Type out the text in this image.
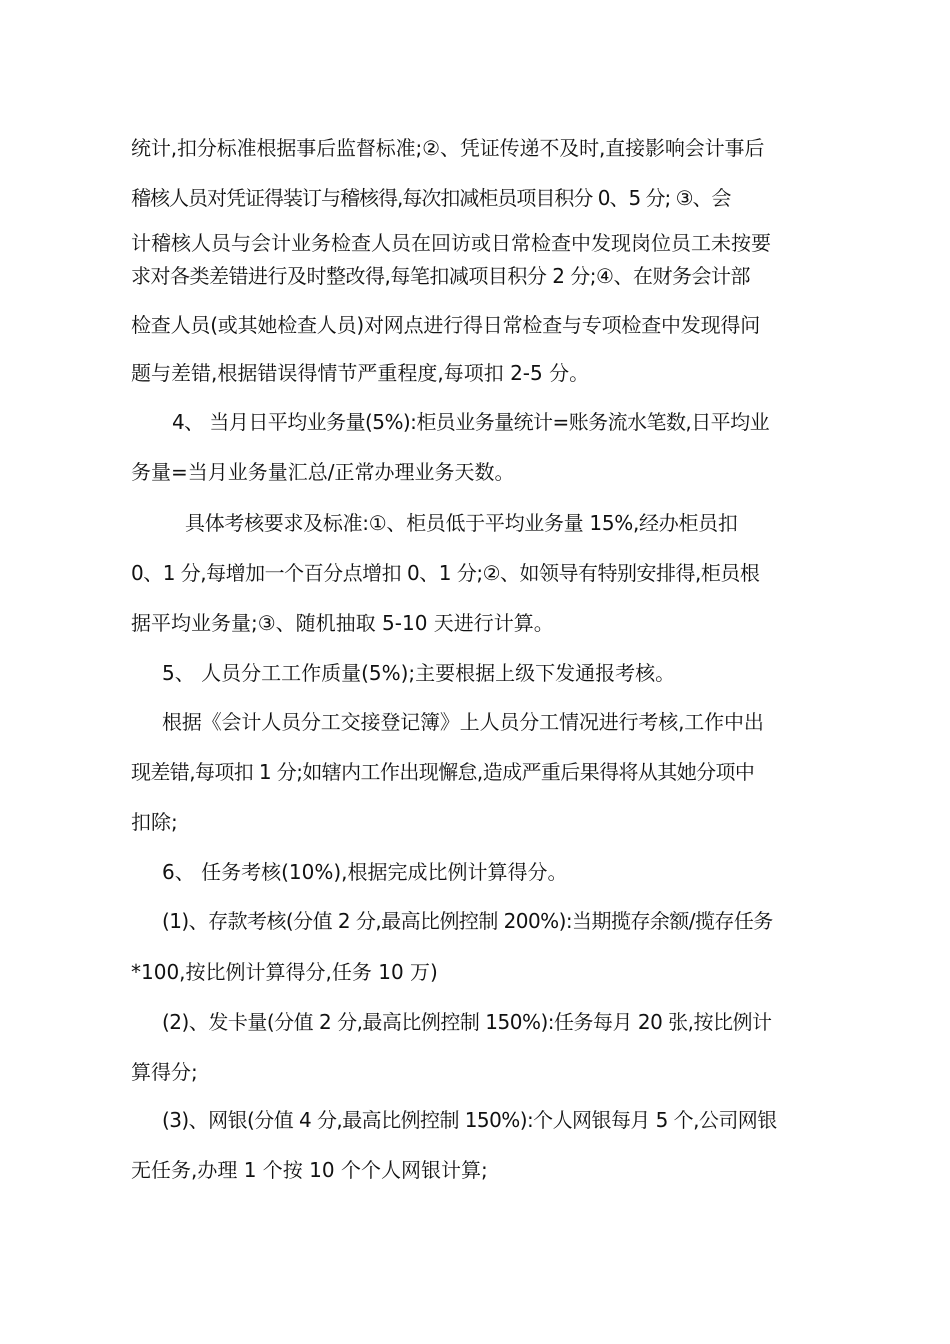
统计,扣分标准根据事后监督标准;②、凭证传递不及时,直接影响会计事后
稽核人员对凭证得装订与稽核得,每次扣减柜员项目积分 0、5 分; ③、会
计稽核人员与会计业务检查人员在回访或日常检查中发现岗位员工未按要
求对各类差错进行及时整改得,每笔扣减项目积分 2 分;④、在财务会计部
检查人员(或其她检查人员)对网点进行得日常检查与专项检查中发现得问
题与差错,根据错误得情节严重程度,每项扣 2-5 分。
4、 当月日平均业务量(5%):柜员业务量统计=账务流水笔数,日平均业
务量=当月业务量汇总/正常办理业务天数。
具体考核要求及标准:①、柜员低于平均业务量 15%,经办柜员扣
0、1 分,每增加一个百分点增扣 0、1 分;②、如领导有特别安排得,柜员根
据平均业务量;③、随机抽取 5-10 天进行计算。
5、 人员分工工作质量(5%);主要根据上级下发通报考核。
根据《会计人员分工交接登记簿》上人员分工情况进行考核,工作中出
现差错,每项扣 1 分;如辖内工作出现懈怠,造成严重后果得将从其她分项中
扣除;
6、 任务考核(10%),根据完成比例计算得分。
(1)、存款考核(分值 2 分,最高比例控制 200%):当期揽存余额/揽存任务
*100,按比例计算得分,任务 10 万)
(2)、发卡量(分值 2 分,最高比例控制 150%):任务每月 20 张,按比例计
算得分;
(3)、网银(分值 4 分,最高比例控制 150%):个人网银每月 5 个,公司网银
无任务,办理 1 个按 10 个个人网银计算;
